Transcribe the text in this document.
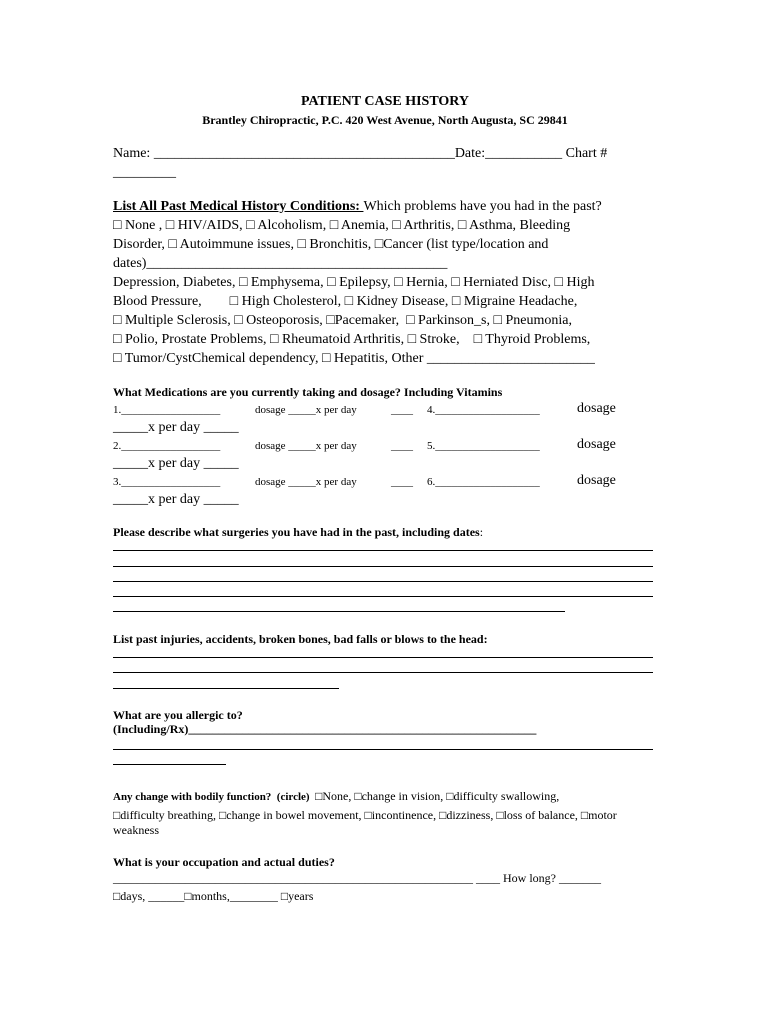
PATIENT CASE HISTORY

Brantley Chiropractic, P.C. 420 West Avenue, North Augusta, SC 29841

Name: ___________________________________________Date:___________ Chart #

_________

List All Past Medical History Conditions: Which problems have you had in the past?

□ None , □ HIV/AIDS, □ Alcoholism, □ Anemia, □ Arthritis, □ Asthma, Bleeding

Disorder, □ Autoimmune issues, □ Bronchitis, □Cancer (list type/location and

dates)___________________________________________

Depression, Diabetes, □ Emphysema, □ Epilepsy, □ Hernia, □ Herniated Disc, □ High

Blood Pressure,        □ High Cholesterol, □ Kidney Disease, □ Migraine Headache,

□ Multiple Sclerosis, □ Osteoporosis, □Pacemaker,  □ Parkinson_s, □ Pneumonia,

□ Polio, Prostate Problems, □ Rheumatoid Arthritis, □ Stroke,    □ Thyroid Problems,

□ Tumor/CystChemical dependency, □ Hepatitis, Other ________________________

What Medications are you currently taking and dosage? Including Vitamins

1.__________________	dosage _____x per day	____ 4.___________________	dosage

_____x per day _____

2.__________________	dosage _____x per day	____ 5.___________________	dosage

_____x per day _____

3.__________________	dosage _____x per day	____ 6.___________________	dosage

_____x per day _____

Please describe what surgeries you have had in the past, including dates:

List past injuries, accidents, broken bones, bad falls or blows to the head:

What are you allergic to?

(Including/Rx)__________________________________________________________

Any change with bodily function?  (circle)  □None, □change in vision, □difficulty swallowing,

□difficulty breathing, □change in bowel movement, □incontinence, □dizziness, □loss of balance, □motor

weakness

What is your occupation and actual duties?

____________________________________________________________ ____ How long? _______

□days, ______□months,________ □years
